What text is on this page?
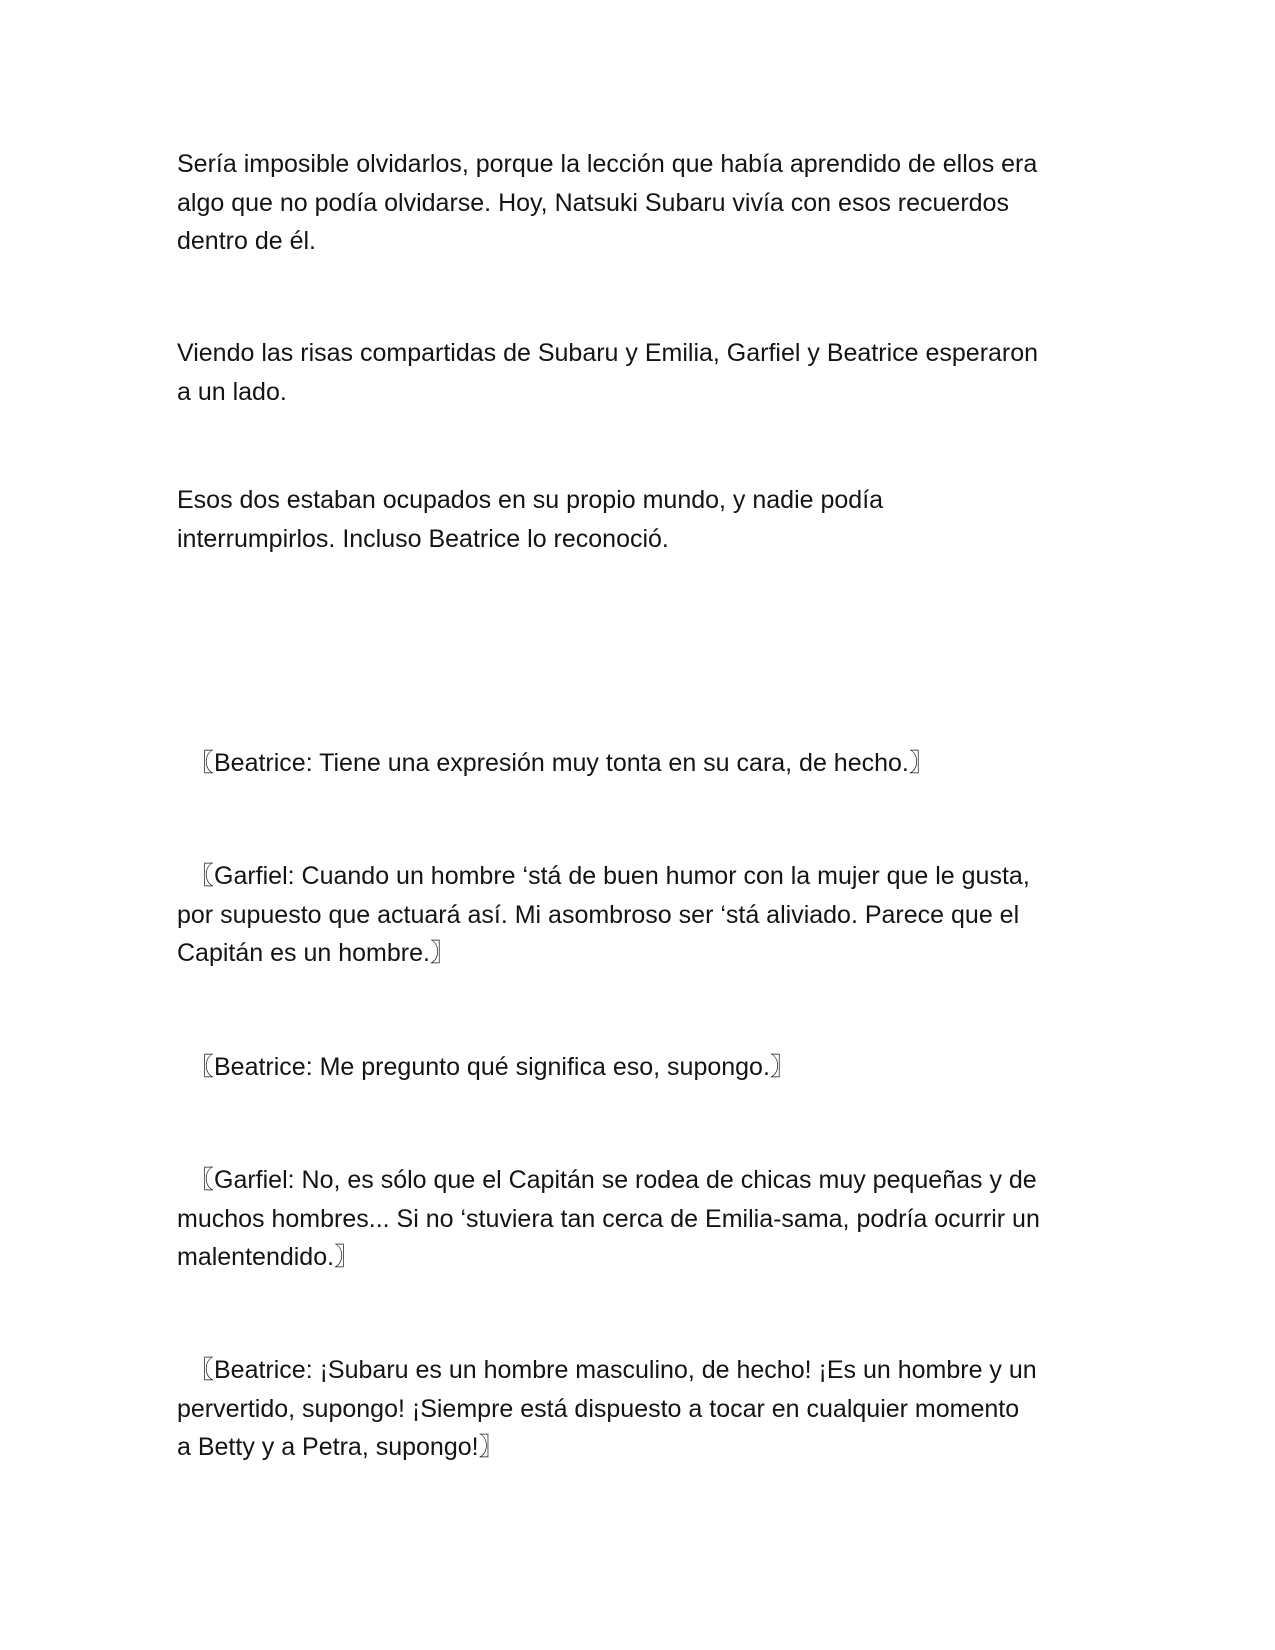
Sería imposible olvidarlos, porque la lección que había aprendido de ellos era
algo que no podía olvidarse. Hoy, Natsuki Subaru vivía con esos recuerdos
dentro de él.

Viendo las risas compartidas de Subaru y Emilia, Garfiel y Beatrice esperaron
a un lado.

Esos dos estaban ocupados en su propio mundo, y nadie podía
interrumpirlos. Incluso Beatrice lo reconoció.

〖Beatrice: Tiene una expresión muy tonta en su cara, de hecho.〗

〖Garfiel: Cuando un hombre ‘stá de buen humor con la mujer que le gusta,
por supuesto que actuará así. Mi asombroso ser ‘stá aliviado. Parece que el
Capitán es un hombre.〗

〖Beatrice: Me pregunto qué significa eso, supongo.〗

〖Garfiel: No, es sólo que el Capitán se rodea de chicas muy pequeñas y de
muchos hombres... Si no ‘stuviera tan cerca de Emilia-sama, podría ocurrir un
malentendido.〗

〖Beatrice: ¡Subaru es un hombre masculino, de hecho! ¡Es un hombre y un
pervertido, supongo! ¡Siempre está dispuesto a tocar en cualquier momento
a Betty y a Petra, supongo!〗
